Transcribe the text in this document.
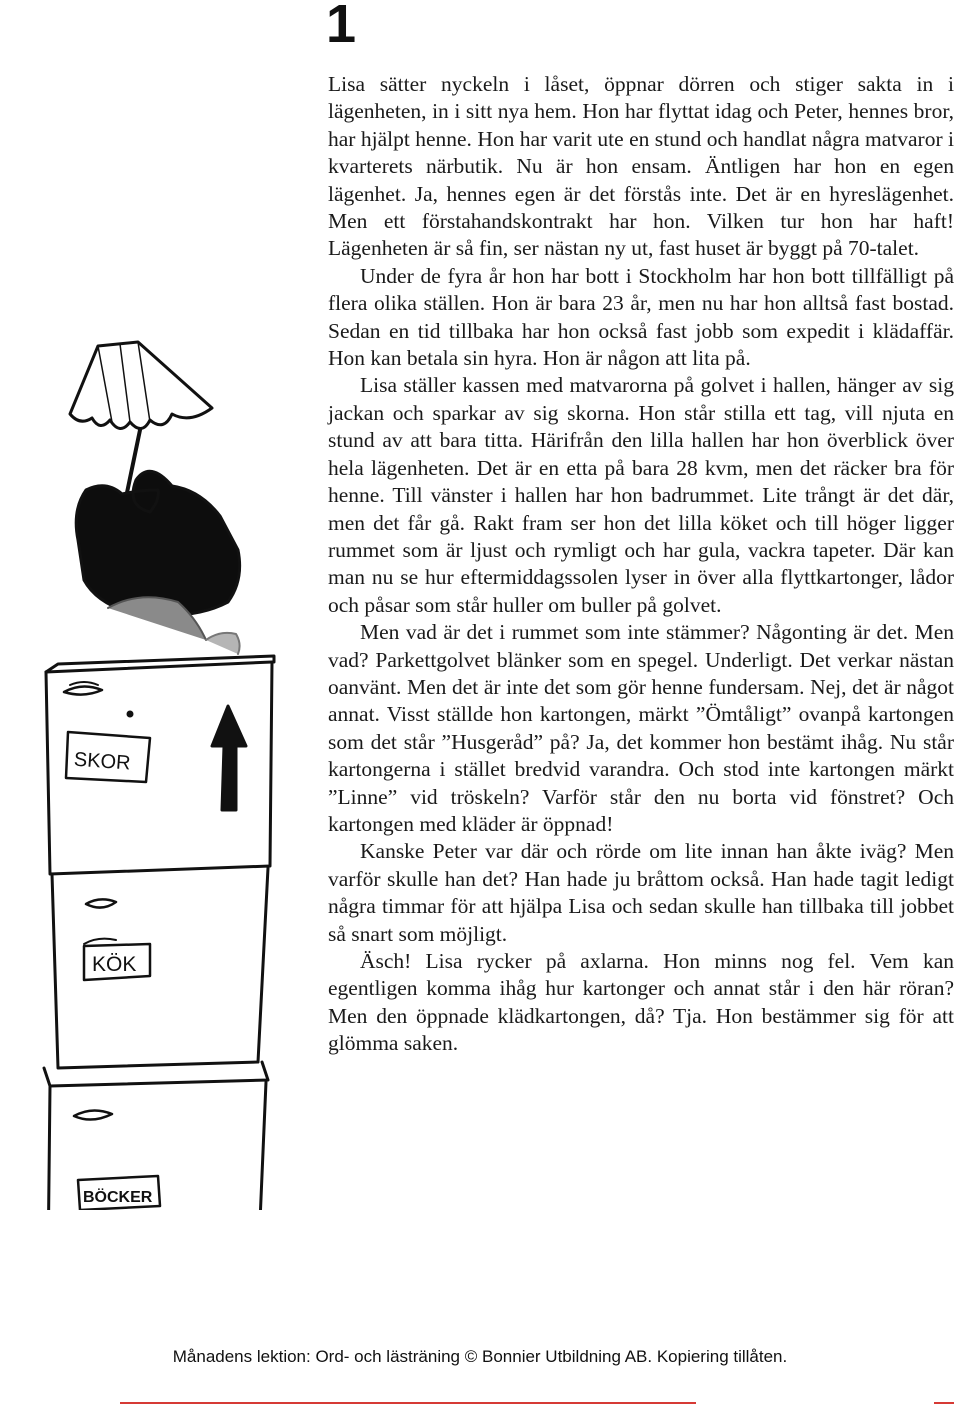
1
SKOR
KÖK
BÖCKER

Lisa sätter nyckeln i låset, öppnar dörren och stiger sakta in i lägenheten, in i sitt nya hem. Hon har flyttat idag och Peter, hennes bror, har hjälpt henne. Hon har varit ute en stund och handlat några matvaror i kvarterets närbutik. Nu är hon ensam. Äntligen har hon en egen lägenhet. Ja, hennes egen är det förstås inte. Det är en hyreslägenhet. Men ett förstahandskontrakt har hon. Vilken tur hon har haft! Lägenheten är så fin, ser nästan ny ut, fast huset är byggt på 70-talet.

Under de fyra år hon har bott i Stockholm har hon bott tillfälligt på flera olika ställen. Hon är bara 23 år, men nu har hon alltså fast bostad. Sedan en tid tillbaka har hon också fast jobb som expedit i klädaffär. Hon kan betala sin hyra. Hon är någon att lita på.

Lisa ställer kassen med matvarorna på golvet i hallen, hänger av sig jackan och sparkar av sig skorna. Hon står stilla ett tag, vill njuta en stund av att bara titta. Härifrån den lilla hallen har hon överblick över hela lägenheten. Det är en etta på bara 28 kvm, men det räcker bra för henne. Till vänster i hallen har hon badrummet. Lite trångt är det där, men det får gå. Rakt fram ser hon det lilla köket och till höger ligger rummet som är ljust och rymligt och har gula, vackra tapeter. Där kan man nu se hur eftermiddagssolen lyser in över alla flyttkartonger, lådor och påsar som står huller om buller på golvet.

Men vad är det i rummet som inte stämmer? Någonting är det. Men vad? Parkettgolvet blänker som en spegel. Underligt. Det verkar nästan oanvänt. Men det är inte det som gör henne fundersam. Nej, det är något annat. Visst ställde hon kartongen, märkt ”Ömtåligt” ovanpå kartongen som det står ”Husgeråd” på? Ja, det kommer hon bestämt ihåg. Nu står kartongerna i stället bredvid varandra. Och stod inte kartongen märkt ”Linne” vid tröskeln? Varför står den nu borta vid fönstret? Och kartongen med kläder är öppnad!

Kanske Peter var där och rörde om lite innan han åkte iväg? Men varför skulle han det? Han hade ju bråttom också. Han hade tagit ledigt några timmar för att hjälpa Lisa och sedan skulle han tillbaka till jobbet så snart som möjligt.

Äsch! Lisa rycker på axlarna. Hon minns nog fel. Vem kan egentligen komma ihåg hur kartonger och annat står i den här röran? Men den öppnade klädkartongen, då? Tja. Hon bestämmer sig för att glömma saken.

Månadens lektion: Ord- och lästräning © Bonnier Utbildning AB. Kopiering tillåten.
